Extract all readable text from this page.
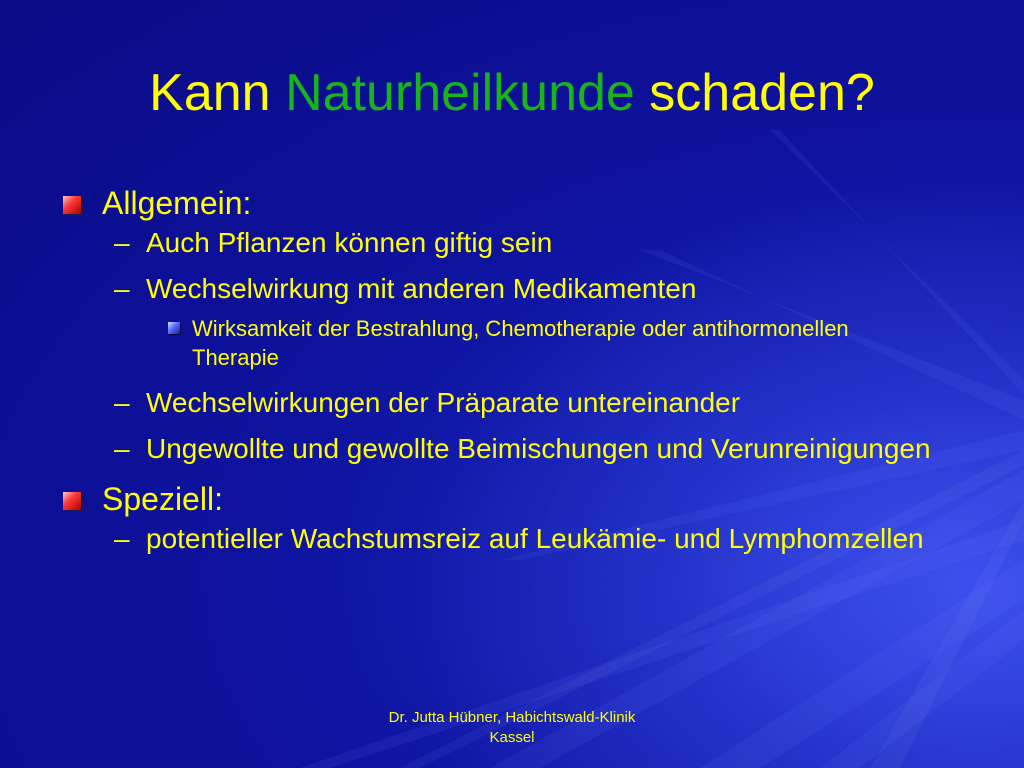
Kann Naturheilkunde schaden?
Allgemein:
– Auch Pflanzen können giftig sein
– Wechselwirkung mit anderen Medikamenten
Wirksamkeit der Bestrahlung, Chemotherapie oder antihormonellen Therapie
– Wechselwirkungen der Präparate untereinander
– Ungewollte und gewollte Beimischungen und Verunreinigungen
Speziell:
– potentieller Wachstumsreiz auf Leukämie- und Lymphomzellen
Dr. Jutta Hübner, Habichtswald-Klinik
Kassel
